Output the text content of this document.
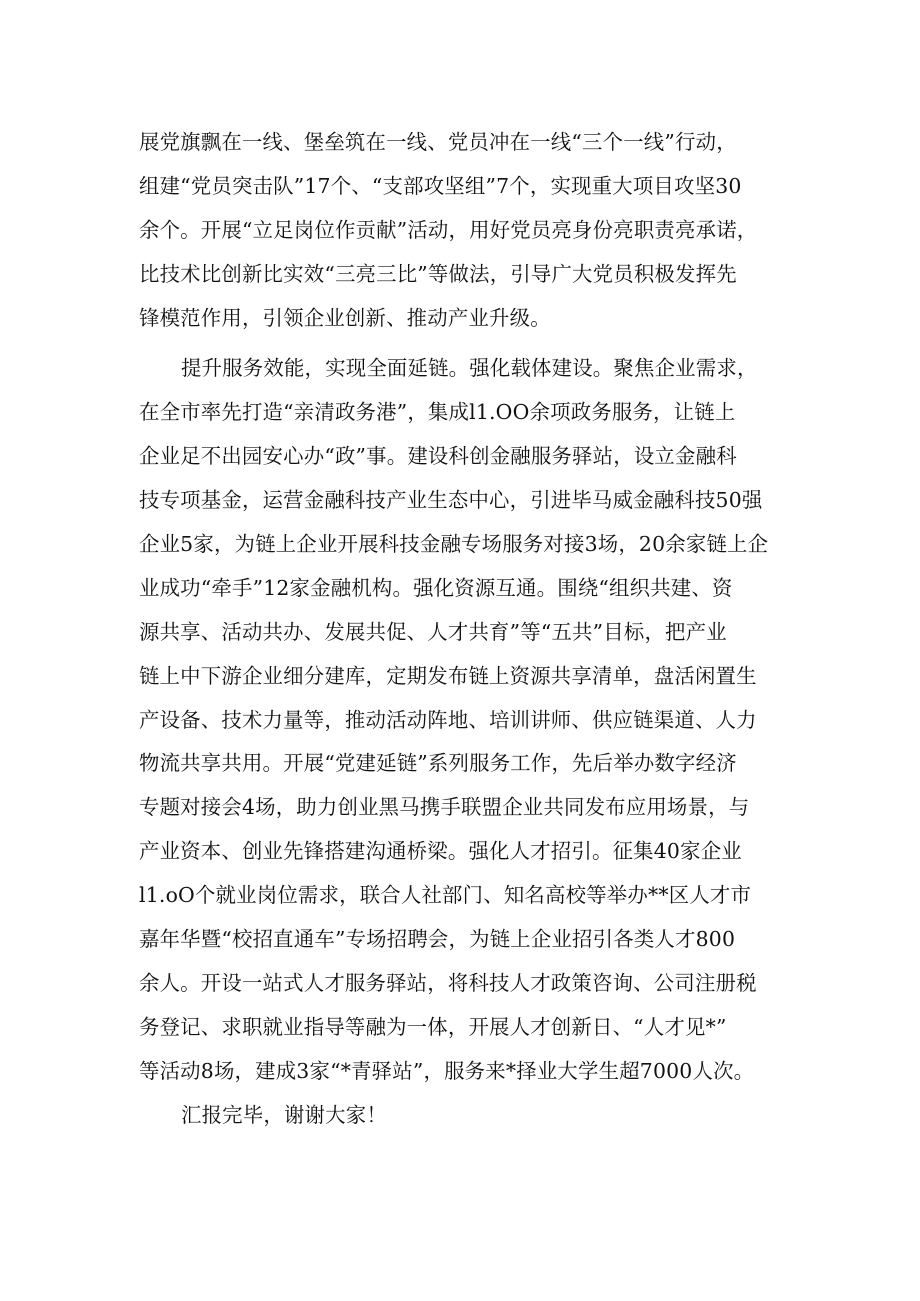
展党旗飘在一线、堡垒筑在一线、党员冲在一线“三个一线”行动，
组建“党员突击队”17个、“支部攻坚组”7个，实现重大项目攻坚30
余个。开展“立足岗位作贡献”活动，用好党员亮身份亮职责亮承诺，
比技术比创新比实效“三亮三比”等做法，引导广大党员积极发挥先
锋模范作用，引领企业创新、推动产业升级。
提升服务效能，实现全面延链。强化载体建设。聚焦企业需求，
在全市率先打造“亲清政务港”，集成l1.OO余项政务服务，让链上
企业足不出园安心办“政”事。建设科创金融服务驿站，设立金融科
技专项基金，运营金融科技产业生态中心，引进毕马威金融科技50强
企业5家，为链上企业开展科技金融专场服务对接3场，20余家链上企
业成功“牵手”12家金融机构。强化资源互通。围绕“组织共建、资
源共享、活动共办、发展共促、人才共育”等“五共”目标，把产业
链上中下游企业细分建库，定期发布链上资源共享清单，盘活闲置生
产设备、技术力量等，推动活动阵地、培训讲师、供应链渠道、人力
物流共享共用。开展“党建延链”系列服务工作，先后举办数字经济
专题对接会4场，助力创业黑马携手联盟企业共同发布应用场景，与
产业资本、创业先锋搭建沟通桥梁。强化人才招引。征集40家企业
l1.oO个就业岗位需求，联合人社部门、知名高校等举办**区人才市
嘉年华暨“校招直通车”专场招聘会，为链上企业招引各类人才800
余人。开设一站式人才服务驿站，将科技人才政策咨询、公司注册税
务登记、求职就业指导等融为一体，开展人才创新日、“人才见*”
等活动8场，建成3家“*青驿站”，服务来*择业大学生超7000人次。
汇报完毕，谢谢大家！
